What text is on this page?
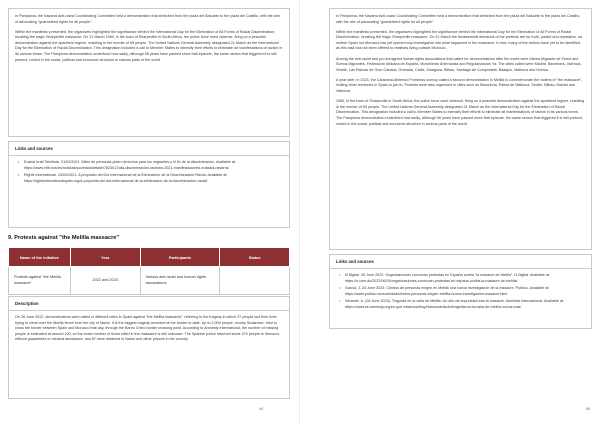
In Pamplona, the Navarra Anti-racist Coordinating Committee held a demonstration that stretched from the plaza del Baluarte to the plaza del Castillo, with the aim of advocating "guaranteed rights for all people".

Within the manifesto presented, the organisers highlighted the significance behind the International Day for the Elimination of All Forms of Racial Discrimination, recalling the tragic Sharpeville massacre. On 21 March 1960, in the town of Sharpeville in South Africa, the police force used violence, firing on a peaceful demonstration against the apartheid regime, resulting in the murder of 69 people. The United Nations General Assembly designated 21 March as the International Day for the Elimination of Racial Discrimination. This designation included a call to Member States to intensify their efforts to eliminate all manifestations of racism in its various forms. The Pamplona demonstration underlined how sadly, although 56 years have passed since that episode, the same racism that triggered it is still present, rooted in the social, political and economic structure in various parts of the world.

Links and sources
• Euskal Irrati Telebista. 21/03/2021. Miles de personas piden derechos para los migrantes y el fin de la discriminación. Available at: https://www.eitb.eus/es/noticias/sociedad/detalle/7824017/dia-discriminacion-racismo-2021-manifestaciones-euskadi-navarra/
• Rights International. 15/03/2021. A propósito del Día Internacional de la Eliminación de la Discriminación Racial. Available at: https://rightsinternationalspain.org/a-proposito-del-dia-internacional-de-la-eliminacion-de-la-discriminacion-racial/
9. Protests against "the Melilla massacre"
Name of the initiative	Year	Participants	Status
Protests against "the Melilla massacre"	2022 and 2023	Various anti-racist and human rights associations	
Description

On 26 June 2022, demonstrations were called in different cities in Spain against "the Melilla massacre", referring to the tragedy in which 37 people lost their lives trying to climb over the Melilla fence from the city of Nador. It is the biggest tragedy recorded at the border to date. Up to 2,000 people -mostly Sudanese- tried to cross the border between Spain and Morocco that day, through the Barrio Chino border crossing point. According to Amnesty International, the number of missing people is estimated at around 100, so the exact number of those killed in the massacre is still unknown. The Spanish police returned some 470 people to Morocco, without guarantees or medical assistance, and 87 were detained in Nador and other prisons in the country.

44

In Pamplona, the Navarra Anti-racist Coordinating Committee held a demonstration that stretched from the plaza del Baluarte to the plaza del Castillo, with the aim of advocating "guaranteed rights for all people".

Within the manifesto presented, the organisers highlighted the significance behind the International Day for the Elimination of All Forms of Racial Discrimination, recalling the tragic Sharpeville massacre. On 21 March the fundamental demands of the protests are for truth, justice and reparation, as neither Spain nor Morocco has yet opened any investigation into what happened in the massacre. In fact, many of the victims have yet to be identified, as this task has not been offered to relatives living outside Morocco.

Among the anti-racist and pro-immigrant human rights associations that called for demonstrations after the event were Marea Migrante de Ferrol and Somos Migrantes, Federación Africana de España, Movimiento Antirracista and Regularización Ya. The cities called were Madrid, Barcelona, Valencia, Seville, Las Palmas de Gran Canaria, Granada, Cádiz, Zaragoza, Bilbao, Santiago de Compostela, Badajoz, Mallorca and Huelva.

A year later, in 2023, the Caravana Abriendo Fronteras convoy called a second demonstration in Melilla to commemorate the victims of "the massacre", inviting other territories in Spain to join in. Protests were also organised in cities such as Barcelona, Palma de Mallorca, Seville, Bilbao, Madrid and Valencia.

1960, in the town of Sharpeville in South Africa, the police force used violence, firing on a peaceful demonstration against the apartheid regime, resulting in the murder of 69 people. The United Nations General Assembly designated 21 March as the International Day for the Elimination of Racial Discrimination. This designation included a call to Member States to intensify their efforts to eliminate all manifestations of racism in its various forms. The Pamplona demonstration underlined how sadly, although 56 years have passed since that episode, the same racism that triggered it is still present, rooted in the social, political and economic structure in various parts of the world.

Links and sources
• N Digital. 26 June 2022. Organizaciones convocan protestas en España contra "la masacre de Melilla". N Digital. Available at: https://n.com.do/2022/06/26/organizaciones-convocan-protestas-en-espana-contra-la-masacre-de-melilla/
• García, J. 24 June 2023. Cientos de personas exigen en Melilla una nueva investigación de la masacre. Publico. Available at: https://www.publico.es/sociedad/cientos-personas-exigen-melilla-nueva-investigacion-masacre.html
• Senante, A. (26 June 2023). Tragedia en la valla de Melilla: Un año de impunidad tras la masacre. Amnistía Internacional. Available at: https://www.es.amnesty.org/en-que-estamos/blog/historia/articulo/tragedia-en-la-valla-de-melilla-nunca-mas/
45
